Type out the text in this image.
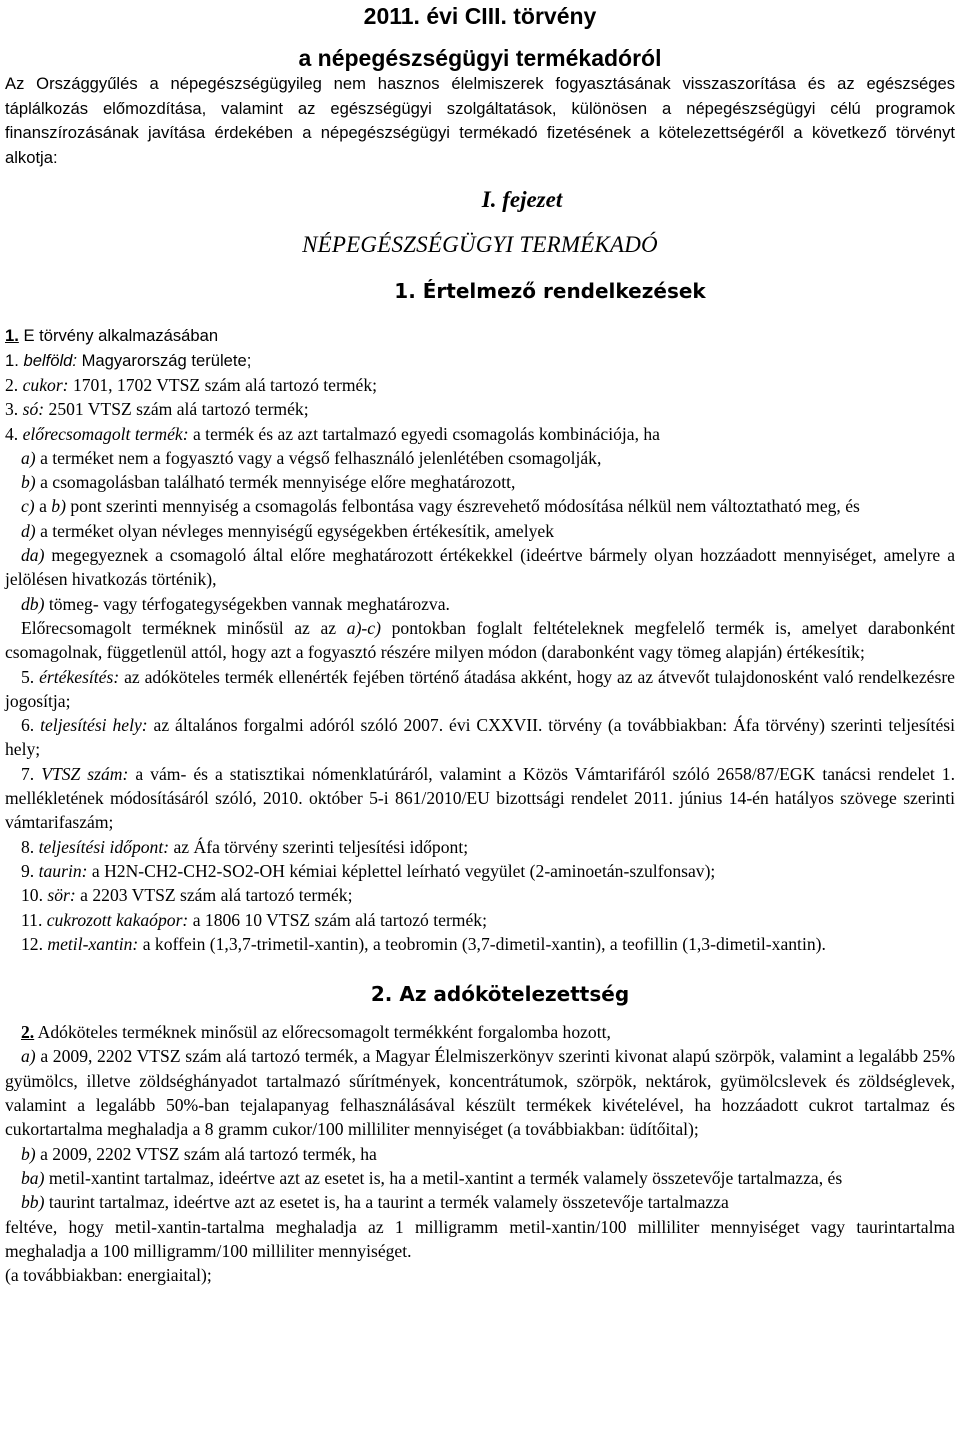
2011. évi CIII. törvény
a népegészségügyi termékadóról

Az Országgyűlés a népegészségügyileg nem hasznos élelmiszerek fogyasztásának visszaszorítása és az egészséges táplálkozás előmozdítása, valamint az egészségügyi szolgáltatások, különösen a népegészségügyi célú programok finanszírozásának javítása érdekében a népegészségügyi termékadó fizetésének a kötelezettségéről a következő törvényt alkotja:

I. fejezet
NÉPEGÉSZSÉGÜGYI TERMÉKADÓ
1. Értelmező rendelkezések

1. E törvény alkalmazásában

1. belföld: Magyarország területe;

2. cukor: 1701, 1702 VTSZ szám alá tartozó termék;

3. só: 2501 VTSZ szám alá tartozó termék;

4. előrecsomagolt termék: a termék és az azt tartalmazó egyedi csomagolás kombinációja, ha

a) a terméket nem a fogyasztó vagy a végső felhasználó jelenlétében csomagolják,

b) a csomagolásban található termék mennyisége előre meghatározott,

c) a b) pont szerinti mennyiség a csomagolás felbontása vagy észrevehető módosítása nélkül nem változtatható meg, és

d) a terméket olyan névleges mennyiségű egységekben értékesítik, amelyek

da) megegyeznek a csomagoló által előre meghatározott értékekkel (ideértve bármely olyan hozzáadott mennyiséget, amelyre a jelölésen hivatkozás történik),

db) tömeg- vagy térfogategységekben vannak meghatározva.

Előrecsomagolt terméknek minősül az az a)-c) pontokban foglalt feltételeknek megfelelő termék is, amelyet darabonként csomagolnak, függetlenül attól, hogy azt a fogyasztó részére milyen módon (darabonként vagy tömeg alapján) értékesítik;

5. értékesítés: az adóköteles termék ellenérték fejében történő átadása akként, hogy az az átvevőt tulajdonosként való rendelkezésre jogosítja;

6. teljesítési hely: az általános forgalmi adóról szóló 2007. évi CXXVII. törvény (a továbbiakban: Áfa törvény) szerinti teljesítési hely;

7. VTSZ szám: a vám- és a statisztikai nómenklatúráról, valamint a Közös Vámtarifáról szóló 2658/87/EGK tanácsi rendelet 1. mellékletének módosításáról szóló, 2010. október 5-i 861/2010/EU bizottsági rendelet 2011. június 14-én hatályos szövege szerinti vámtarifaszám;

8. teljesítési időpont: az Áfa törvény szerinti teljesítési időpont;

9. taurin: a H2N-CH2-CH2-SO2-OH kémiai képlettel leírható vegyület (2-aminoetán-szulfonsav);

10. sör: a 2203 VTSZ szám alá tartozó termék;

11. cukrozott kakaópor: a 1806 10 VTSZ szám alá tartozó termék;

12. metil-xantin: a koffein (1,3,7-trimetil-xantin), a teobromin (3,7-dimetil-xantin), a teofillin (1,3-dimetil-xantin).

2. Az adókötelezettség

2. Adóköteles terméknek minősül az előrecsomagolt termékként forgalomba hozott,

a) a 2009, 2202 VTSZ szám alá tartozó termék, a Magyar Élelmiszerkönyv szerinti kivonat alapú szörpök, valamint a legalább 25% gyümölcs, illetve zöldséghányadot tartalmazó sűrítmények, koncentrátumok, szörpök, nektárok, gyümölcslevek és zöldséglevek, valamint a legalább 50%-ban tejalapanyag felhasználásával készült termékek kivételével, ha hozzáadott cukrot tartalmaz és cukortartalma meghaladja a 8 gramm cukor/100 milliliter mennyiséget (a továbbiakban: üdítőital);

b) a 2009, 2202 VTSZ szám alá tartozó termék, ha

ba) metil-xantint tartalmaz, ideértve azt az esetet is, ha a metil-xantint a termék valamely összetevője tartalmazza, és

bb) taurint tartalmaz, ideértve azt az esetet is, ha a taurint a termék valamely összetevője tartalmazza

feltéve, hogy metil-xantin-tartalma meghaladja az 1 milligramm metil-xantin/100 milliliter mennyiséget vagy taurintartalma meghaladja a 100 milligramm/100 milliliter mennyiséget.

(a továbbiakban: energiaital);
